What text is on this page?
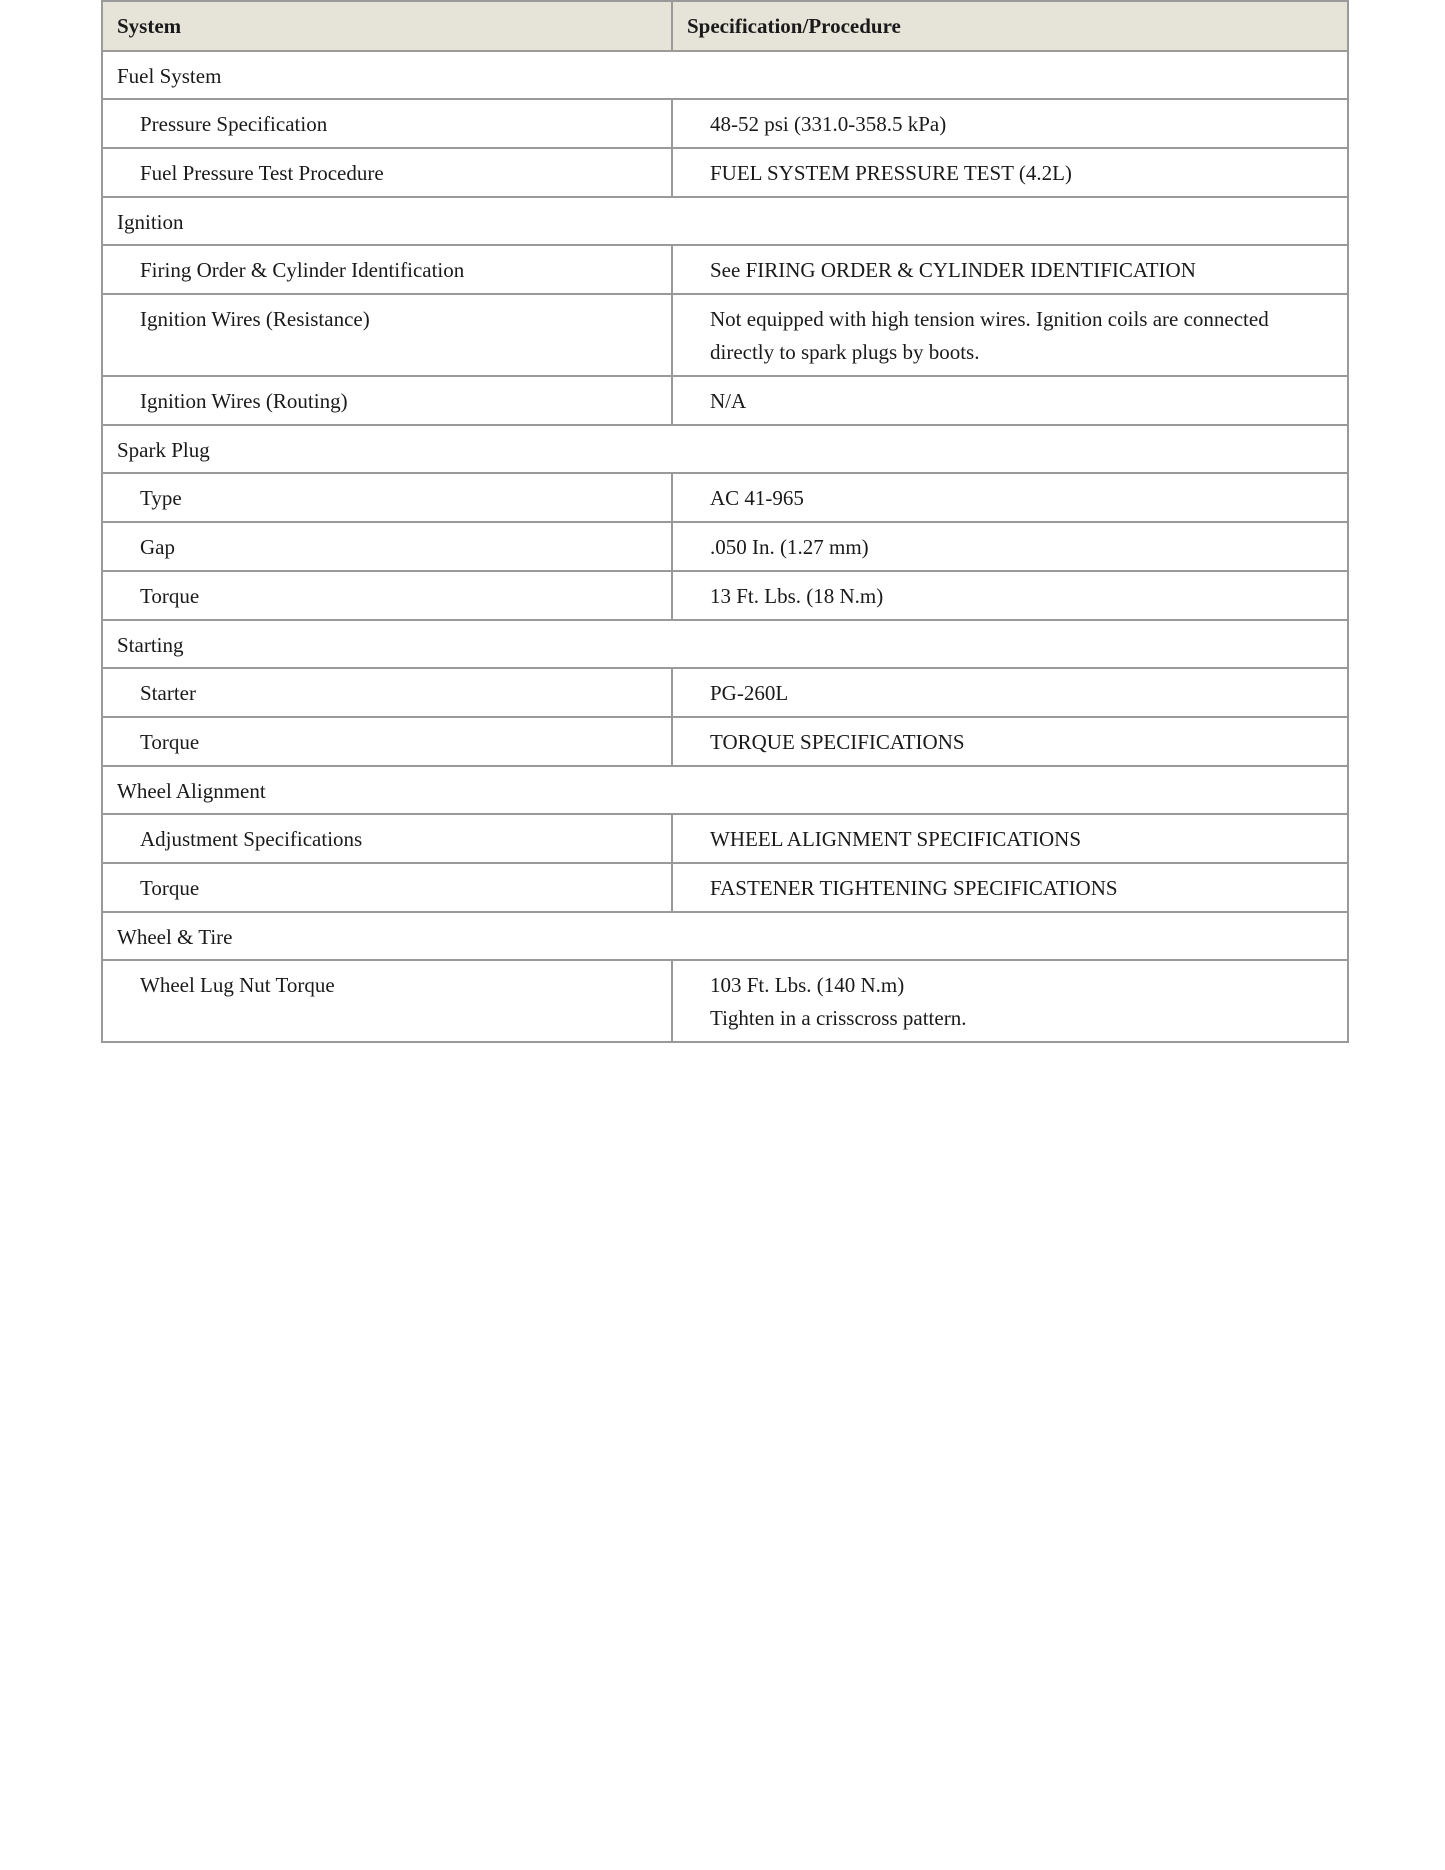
System	Specification/Procedure
Fuel System	
Pressure Specification	48-52 psi (331.0-358.5 kPa)

Fuel Pressure Test Procedure	FUEL SYSTEM PRESSURE TEST (4.2L)

Ignition	
Firing Order & Cylinder Identification	See FIRING ORDER & CYLINDER IDENTIFICATION

Ignition Wires (Resistance)	Not equipped with high tension wires. Ignition coils are connected directly to spark plugs by boots.

Ignition Wires (Routing)	N/A

Spark Plug	
Type	AC 41-965

Gap	.050 In. (1.27 mm)

Torque	13 Ft. Lbs. (18 N.m)

Starting	
Starter	PG-260L

Torque	TORQUE SPECIFICATIONS

Wheel Alignment	
Adjustment Specifications	WHEEL ALIGNMENT SPECIFICATIONS

Torque	FASTENER TIGHTENING SPECIFICATIONS

Wheel & Tire	
Wheel Lug Nut Torque	103 Ft. Lbs. (140 N.m)
Tighten in a crisscross pattern.
